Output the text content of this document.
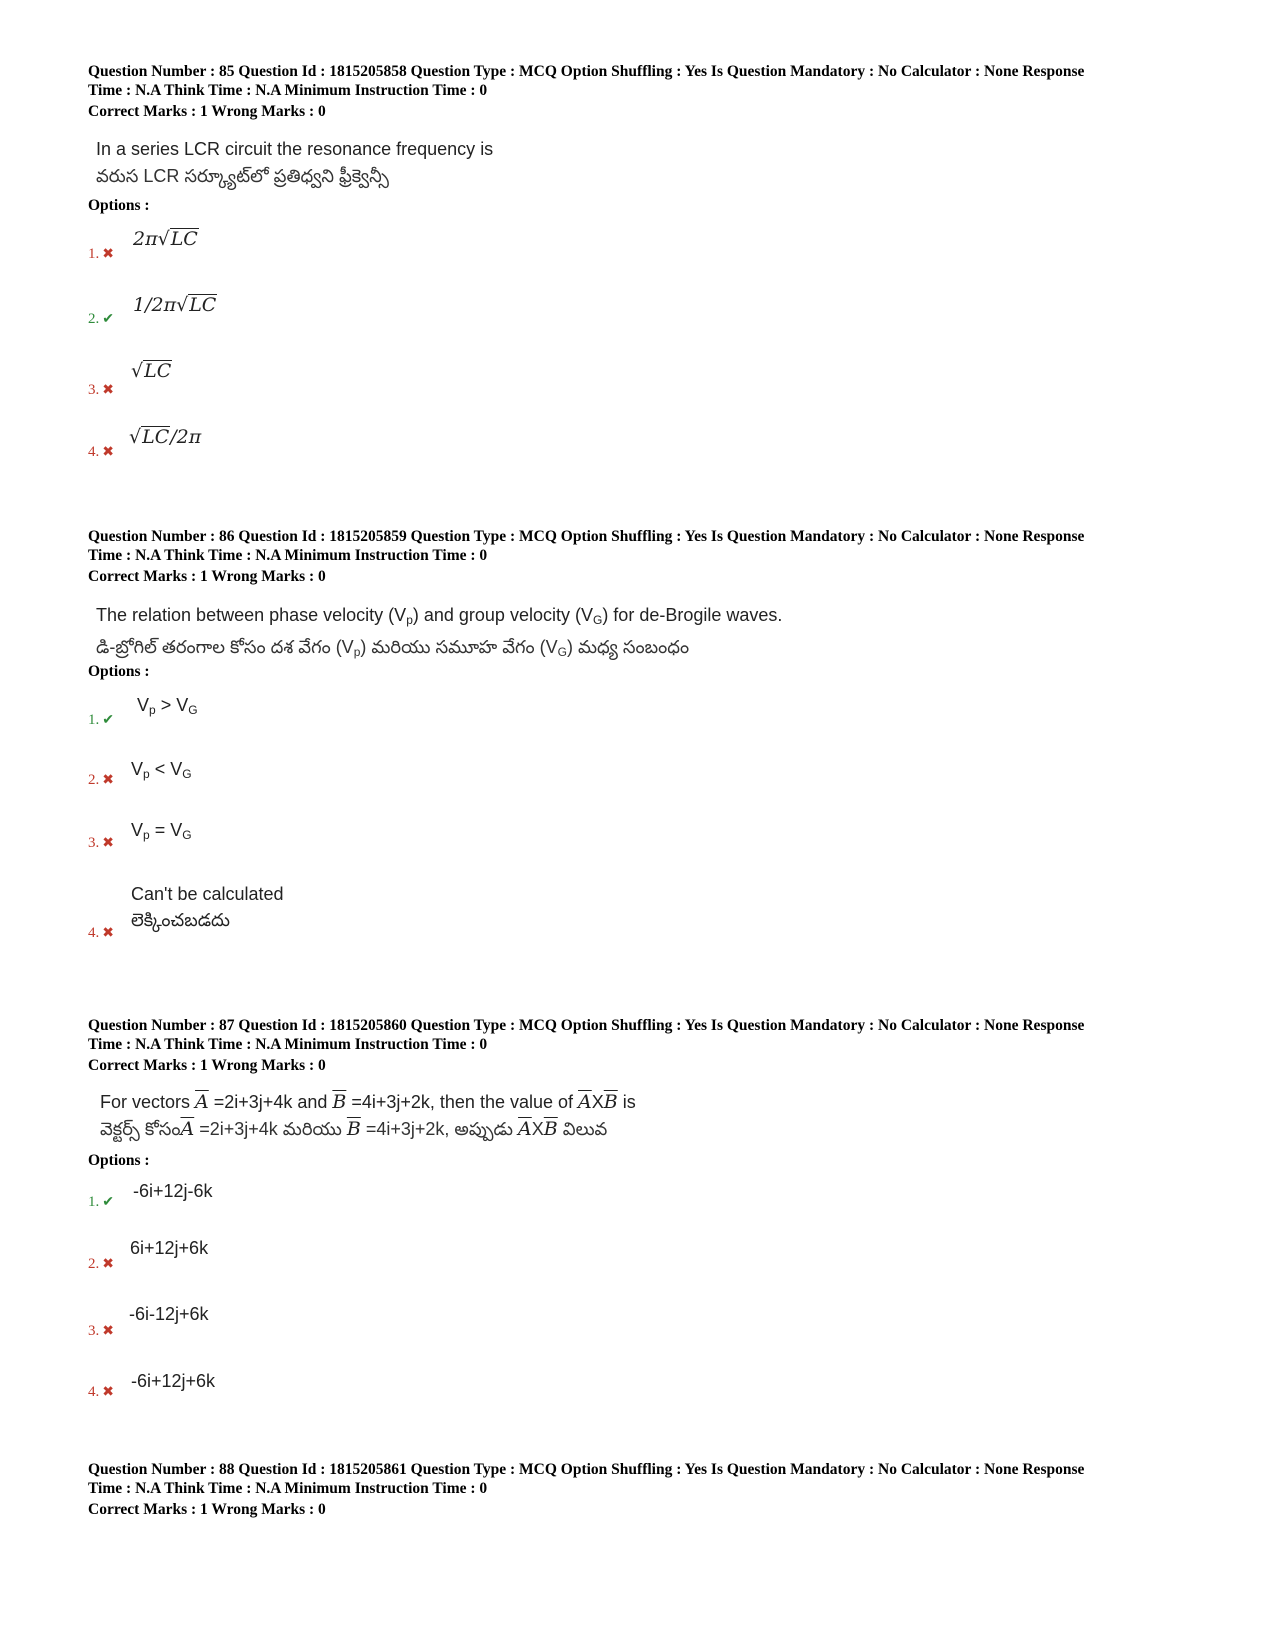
Question Number : 85 Question Id : 1815205858 Question Type : MCQ Option Shuffling : Yes Is Question Mandatory : No Calculator : None Response
Time : N.A Think Time : N.A Minimum Instruction Time : 0
Correct Marks : 1 Wrong Marks : 0
In a series LCR circuit the resonance frequency is
వరుస LCR సర్క్యూట్‌లో ప్రతిధ్వని ఫ్రీక్వెన్సీ
Options :
1. ✖
2π√LC
2. ✔
1/2π√LC
3. ✖
√LC
4. ✖
√LC/2π
Question Number : 86 Question Id : 1815205859 Question Type : MCQ Option Shuffling : Yes Is Question Mandatory : No Calculator : None Response
Time : N.A Think Time : N.A Minimum Instruction Time : 0
Correct Marks : 1 Wrong Marks : 0
The relation between phase velocity $(V_p)$ and group velocity $(V_G)$ for de-Brogile waves.
డి-బ్రోగిల్ తరంగాల కోసం దశ వేగం $(V_p)$ మరియు సమూహ వేగం $(V_G)$ మధ్య సంబంధం
Options :
1. ✔
$V_p > V_G$
2. ✖
$V_p < V_G$
3. ✖
$V_p = V_G$
4. ✖
Can't be calculated
లెక్కించబడదు
Question Number : 87 Question Id : 1815205860 Question Type : MCQ Option Shuffling : Yes Is Question Mandatory : No Calculator : None Response
Time : N.A Think Time : N.A Minimum Instruction Time : 0
Correct Marks : 1 Wrong Marks : 0
For vectors $\overline{A} =2i+3j+4k$ and $\overline{B} =4i+3j+2k$, then the value of $\overline{A}X\overline{B}$ is
వెక్టర్స్ $కోసం\overline{A} =2i+3j+4k$ మరియు $\overline{B} =4i+3j+2k$, అప్పుడు $\overline{A}X\overline{B}$ విలువ
Options :
1. ✔
-6i+12j-6k
2. ✖
6i+12j+6k
3. ✖
-6i-12j+6k
4. ✖
-6i+12j+6k
Question Number : 88 Question Id : 1815205861 Question Type : MCQ Option Shuffling : Yes Is Question Mandatory : No Calculator : None Response
Time : N.A Think Time : N.A Minimum Instruction Time : 0
Correct Marks : 1 Wrong Marks : 0
